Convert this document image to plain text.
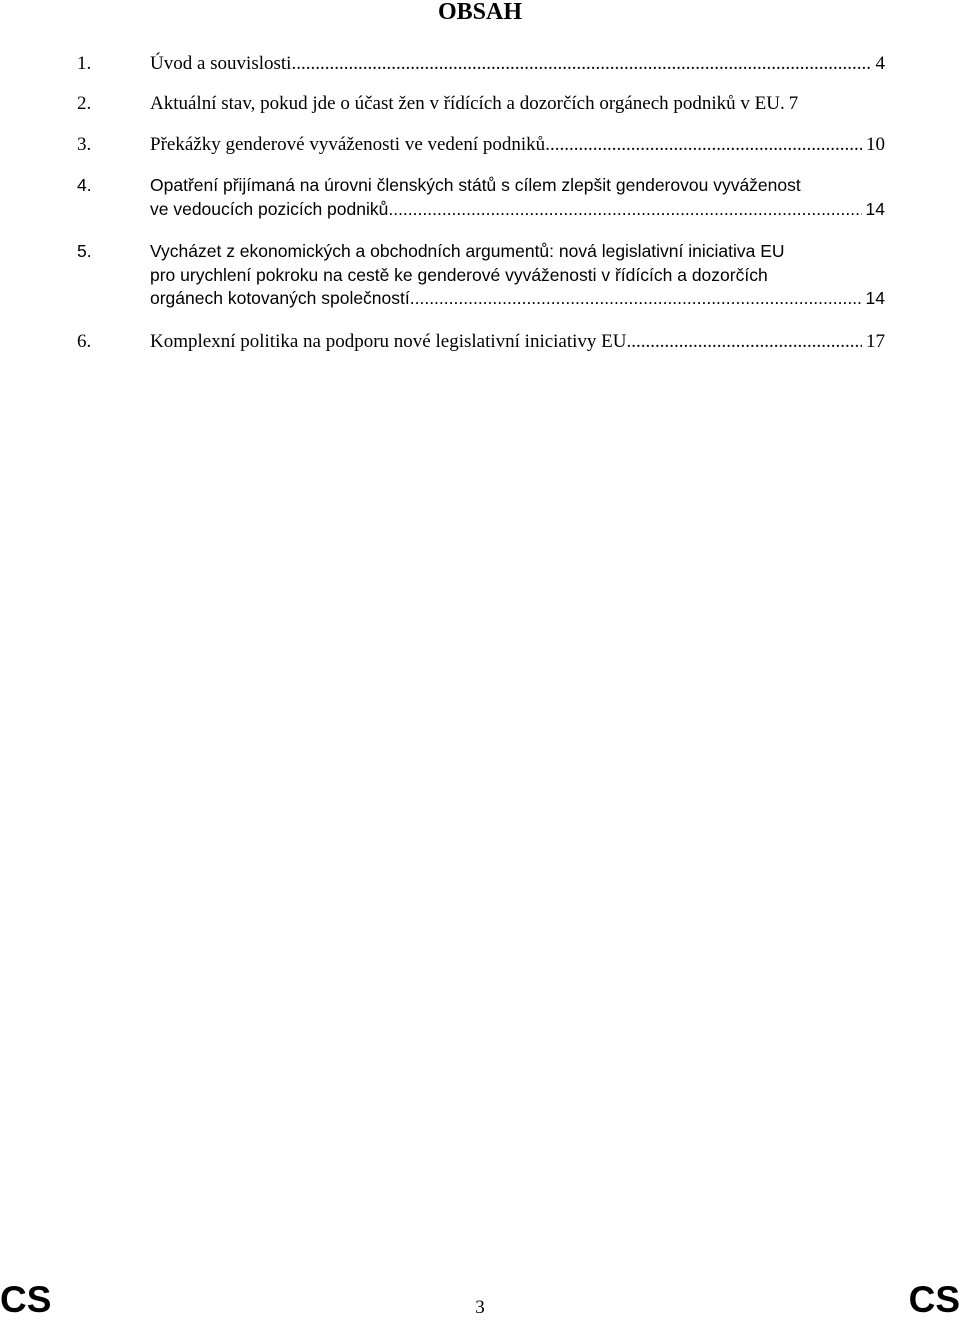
OBSAH
1.	Úvod a souvislosti .....	4
2.	Aktuální stav, pokud jde o účast žen v řídících a dozorčích orgánech podniků v EU. 7
3.	Překážky genderové vyváženosti ve vedení podniků .....	10
4.	Opatření přijímaná na úrovni členských států s cílem zlepšit genderovou vyváženost
ve vedoucích pozicích podniků .....	14
5.	Vycházet z ekonomických a obchodních argumentů: nová legislativní iniciativa EU
pro urychlení pokroku na cestě ke genderové vyváženosti v řídících a dozorčích
orgánech kotovaných společností .....	14
6.	Komplexní politika na podporu nové legislativní iniciativy EU .....	17
CS	3	CS
